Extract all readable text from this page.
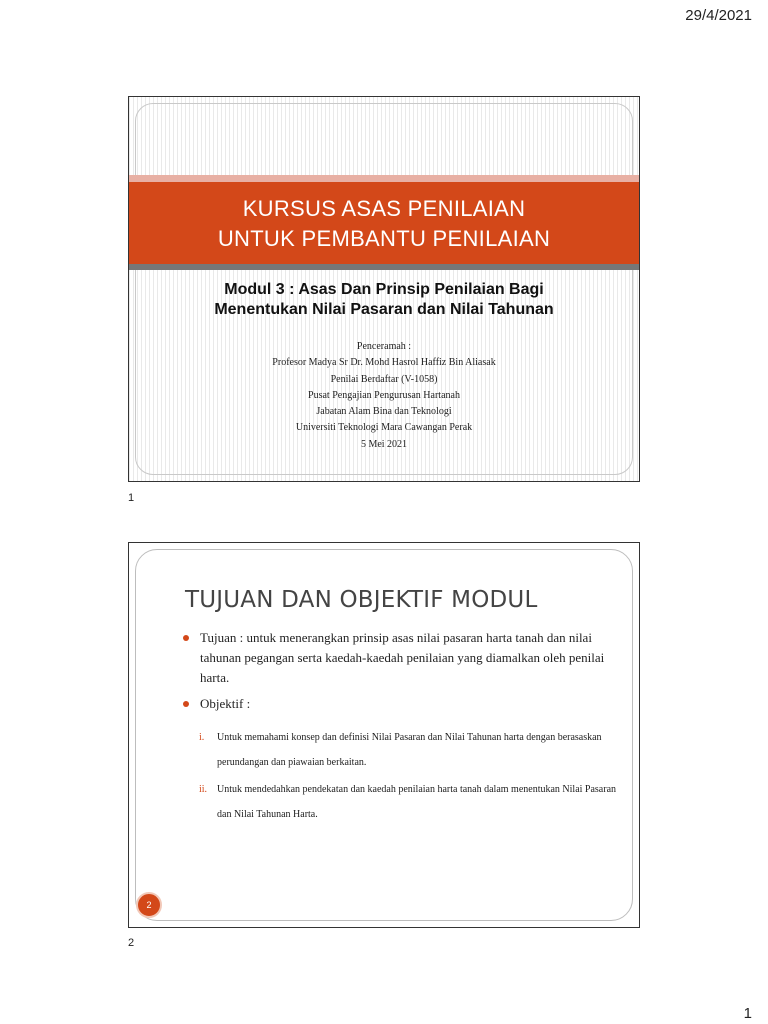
29/4/2021
KURSUS ASAS PENILAIAN
UNTUK PEMBANTU PENILAIAN
Modul 3 : Asas Dan Prinsip Penilaian Bagi
Menentukan Nilai Pasaran dan Nilai Tahunan
Penceramah :
Profesor Madya Sr Dr. Mohd Hasrol Haffiz Bin Aliasak
Penilai Berdaftar (V-1058)
Pusat Pengajian Pengurusan Hartanah
Jabatan Alam Bina dan Teknologi
Universiti Teknologi Mara Cawangan Perak
5 Mei 2021
1
TUJUAN DAN OBJEKTIF MODUL
Tujuan : untuk menerangkan prinsip asas nilai pasaran harta tanah dan nilai tahunan pegangan serta kaedah-kaedah penilaian yang diamalkan oleh penilai harta.
Objektif :
i. Untuk memahami konsep dan definisi Nilai Pasaran dan Nilai Tahunan harta dengan berasaskan perundangan dan piawaian berkaitan.
ii. Untuk mendedahkan pendekatan dan kaedah penilaian harta tanah dalam menentukan Nilai Pasaran dan Nilai Tahunan Harta.
2
2
1
